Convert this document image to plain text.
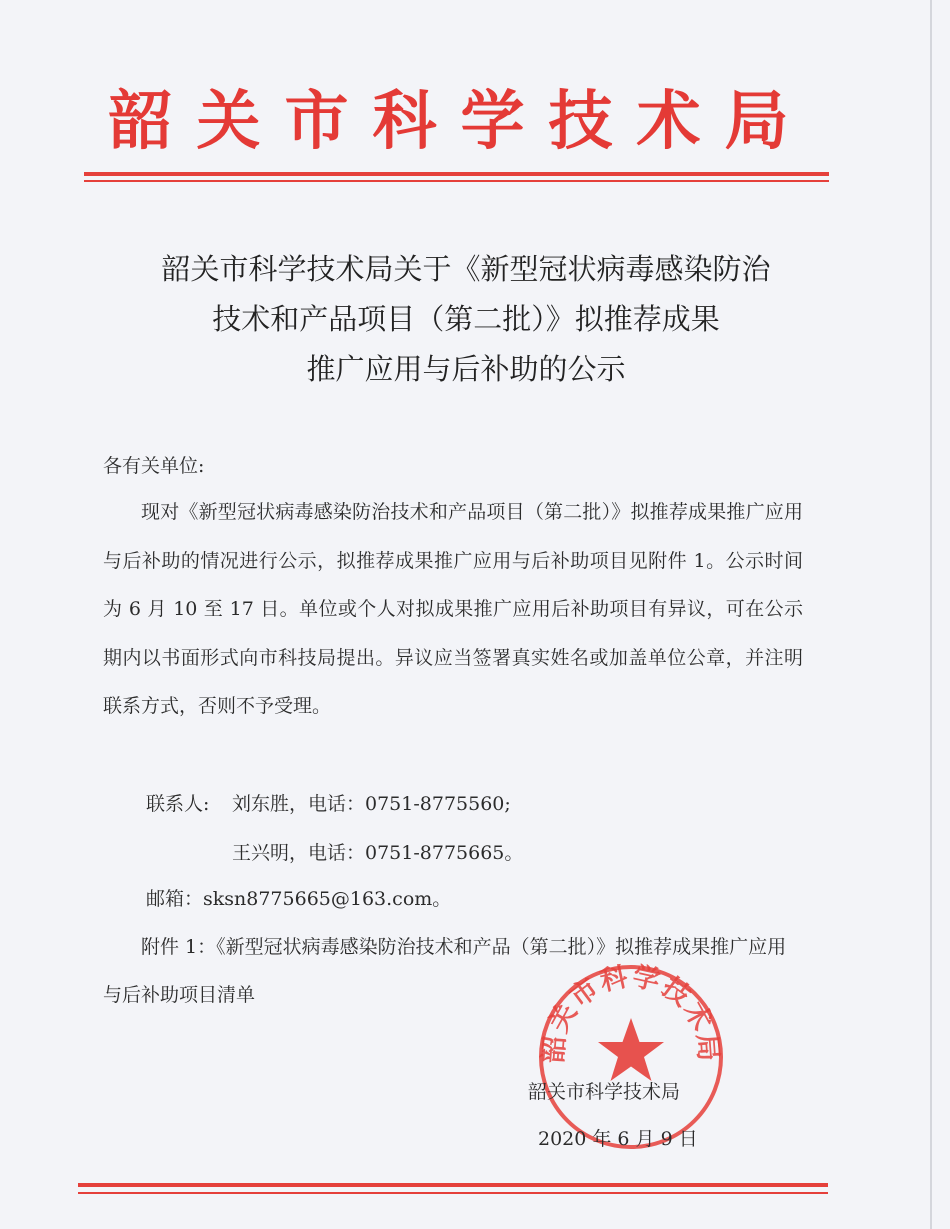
韶关市科学技术局
韶关市科学技术局关于《新型冠状病毒感染防治
技术和产品项目（第二批）》拟推荐成果
推广应用与后补助的公示
各有关单位:

现对《新型冠状病毒感染防治技术和产品项目（第二批）》拟推荐成果推广应用与后补助的情况进行公示，拟推荐成果推广应用与后补助项目见附件 1。公示时间为 6 月 10 至 17 日。单位或个人对拟成果推广应用后补助项目有异议，可在公示期内以书面形式向市科技局提出。异议应当签署真实姓名或加盖单位公章，并注明联系方式，否则不予受理。

联系人: 刘东胜，电话：0751-8775560;
王兴明，电话：0751-8775665。
邮箱：sksn8775665@163.com。

附件 1：《新型冠状病毒感染防治技术和产品（第二批）》拟推荐成果推广应用与后补助项目清单

韶关市科学技术局
韶关市科学技术局
2020 年 6 月 9 日
